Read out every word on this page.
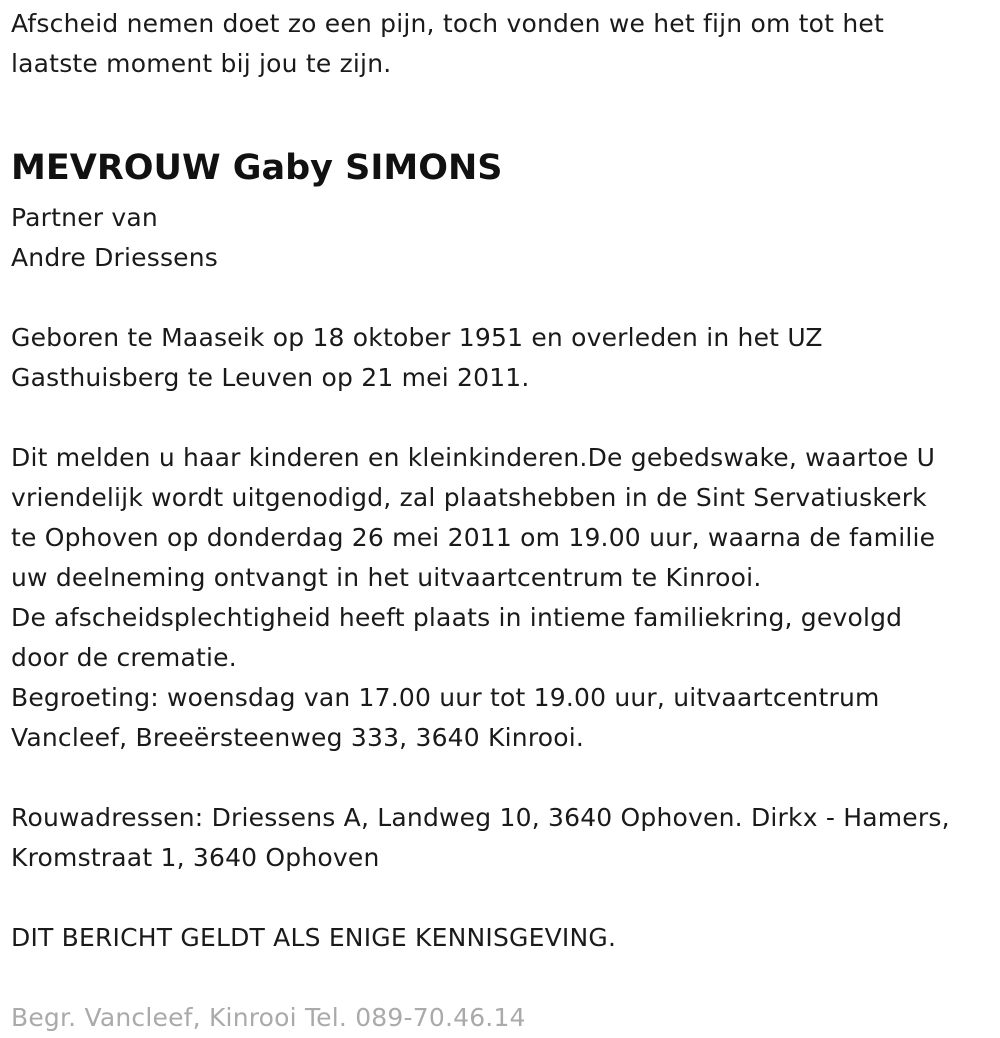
Afscheid nemen doet zo een pijn, toch vonden we het fijn om tot het
laatste moment bij jou te zijn.
MEVROUW Gaby SIMONS
Partner van
Andre Driessens
Geboren te Maaseik op 18 oktober 1951 en overleden in het UZ
Gasthuisberg te Leuven op 21 mei 2011.
Dit melden u haar kinderen en kleinkinderen.De gebedswake, waartoe U
vriendelijk wordt uitgenodigd, zal plaatshebben in de Sint Servatiuskerk
te Ophoven op donderdag 26 mei 2011 om 19.00 uur, waarna de familie
uw deelneming ontvangt in het uitvaartcentrum te Kinrooi.
De afscheidsplechtigheid heeft plaats in intieme familiekring, gevolgd
door de crematie.
Begroeting: woensdag van 17.00 uur tot 19.00 uur, uitvaartcentrum
Vancleef, Breeërsteenweg 333, 3640 Kinrooi.
Rouwadressen: Driessens A, Landweg 10, 3640 Ophoven. Dirkx - Hamers,
Kromstraat 1, 3640 Ophoven
DIT BERICHT GELDT ALS ENIGE KENNISGEVING.
Begr. Vancleef, Kinrooi Tel. 089-70.46.14
